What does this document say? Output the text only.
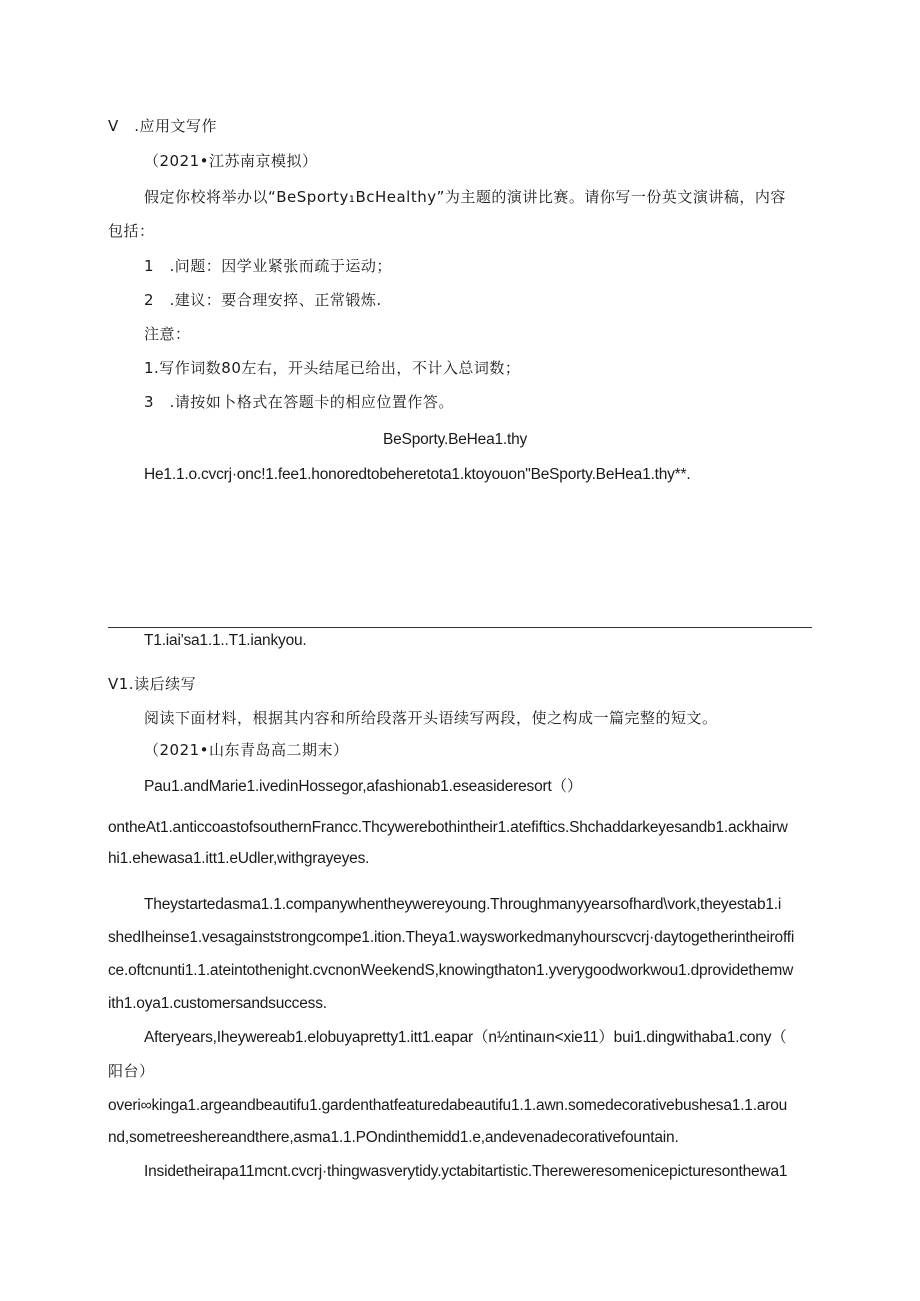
V　.应用文写作
（2021•江苏南京模拟）
假定你校将举办以“BeSporty₁BcHealthy”为主题的演讲比赛。请你写一份英文演讲稿，内容
包括：
1　.问题：因学业紧张而疏于运动；
2　.建议：要合理安捽、正常锻炼.
注意：
1.写作词数80左右，开头结尾已给出，不计入总词数；
3　.请按如卜格式在答题卡的相应位置作答。
BeSporty.BeHea1.thy
He1.1.o.cvcrj·onc!1.fee1.honoredtobeheretota1.ktoyouon"BeSporty.BeHea1.thy**.
T1.iai'sa1.1..T1.iankyou.
V1.读后续写
阅读下面材料，根据其内容和所给段落开头语续写两段，使之构成一篇完整的短文。
（2021•山东青岛高二期末）
Pau1.andMarie1.ivedinHossegor,afashionab1.eseasideresort（）
ontheAt1.anticcoastofsouthernFrancc.Thcywerebothintheir1.atefiftics.Shchaddarkeyesandb1.ackhairw
hi1.ehewasa1.itt1.eUdler,withgrayeyes.
Theystartedasma1.1.companywhentheywereyoung.Throughmanyyearsofhard\vork,theyestab1.i
shedIheinse1.vesagainststrongcompe1.ition.Theya1.waysworkedmanyhourscvcrj·daytogetherintheiroffi
ce.oftcnunti1.1.ateintothenight.cvcnonWeekendS,knowingthaton1.yverygoodworkwou1.dprovidethemw
ith1.oya1.customersandsuccess.
Afteryears,Iheywereab1.elobuyapretty1.itt1.eapar（n½ntinaın<xie11）bui1.dingwithaba1.cony（
阳台）
overi∞kinga1.argeandbeautifu1.gardenthatfeaturedabeautifu1.1.awn.somedecorativebushesa1.1.arou
nd,sometreeshereandthere,asma1.1.POndinthemidd1.e,andevenadecorativefountain.
Insidetheirapa11mcnt.cvcrj·thingwasverytidy.yctabitartistic.Thereweresomenicepicturesonthewa1
